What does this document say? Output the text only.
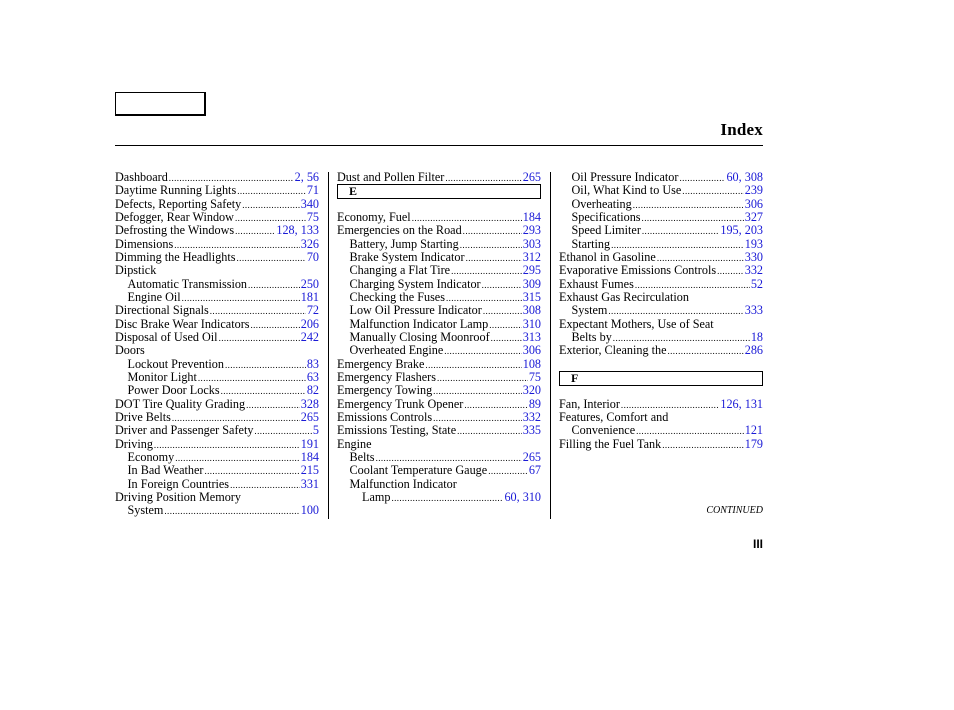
Index
Dashboard .....	2, 56
Daytime Running Lights .....	71
Defects, Reporting Safety .....	340
Defogger, Rear Window .....	75
Defrosting the Windows .....	128, 133
Dimensions .....	326
Dimming the Headlights .....	70
Dipstick
Automatic Transmission .....	250
Engine Oil .....	181
Directional Signals .....	72
Disc Brake Wear Indicators .....	206
Disposal of Used Oil .....	242
Doors
Lockout Prevention .....	83
Monitor Light .....	63
Power Door Locks .....	82
DOT Tire Quality Grading .....	328
Drive Belts .....	265
Driver and Passenger Safety .....	5
Driving .....	191
Economy .....	184
In Bad Weather .....	215
In Foreign Countries .....	331
Driving Position Memory
System .....	100
Dust and Pollen Filter .....	265
E
Economy, Fuel .....	184
Emergencies on the Road .....	293
Battery, Jump Starting .....	303
Brake System Indicator .....	312
Changing a Flat Tire .....	295
Charging System Indicator .....	309
Checking the Fuses .....	315
Low Oil Pressure Indicator .....	308
Malfunction Indicator Lamp .....	310
Manually Closing Moonroof .....	313
Overheated Engine .....	306
Emergency Brake .....	108
Emergency Flashers .....	75
Emergency Towing .....	320
Emergency Trunk Opener .....	89
Emissions Controls .....	332
Emissions Testing, State .....	335
Engine
Belts .....	265
Coolant Temperature Gauge .....	67
Malfunction Indicator
Lamp .....	60, 310
Oil Pressure Indicator .....	60, 308
Oil, What Kind to Use .....	239
Overheating .....	306
Specifications .....	327
Speed Limiter .....	195, 203
Starting .....	193
Ethanol in Gasoline .....	330
Evaporative Emissions Controls ..... 332
Exhaust Fumes .....	52
Exhaust Gas Recirculation
System .....	333
Expectant Mothers, Use of Seat
Belts by .....	18
Exterior, Cleaning the .....	286
F
Fan, Interior .....	126, 131
Features, Comfort and
Convenience .....	121
Filling the Fuel Tank .....	179
CONTINUED
III
